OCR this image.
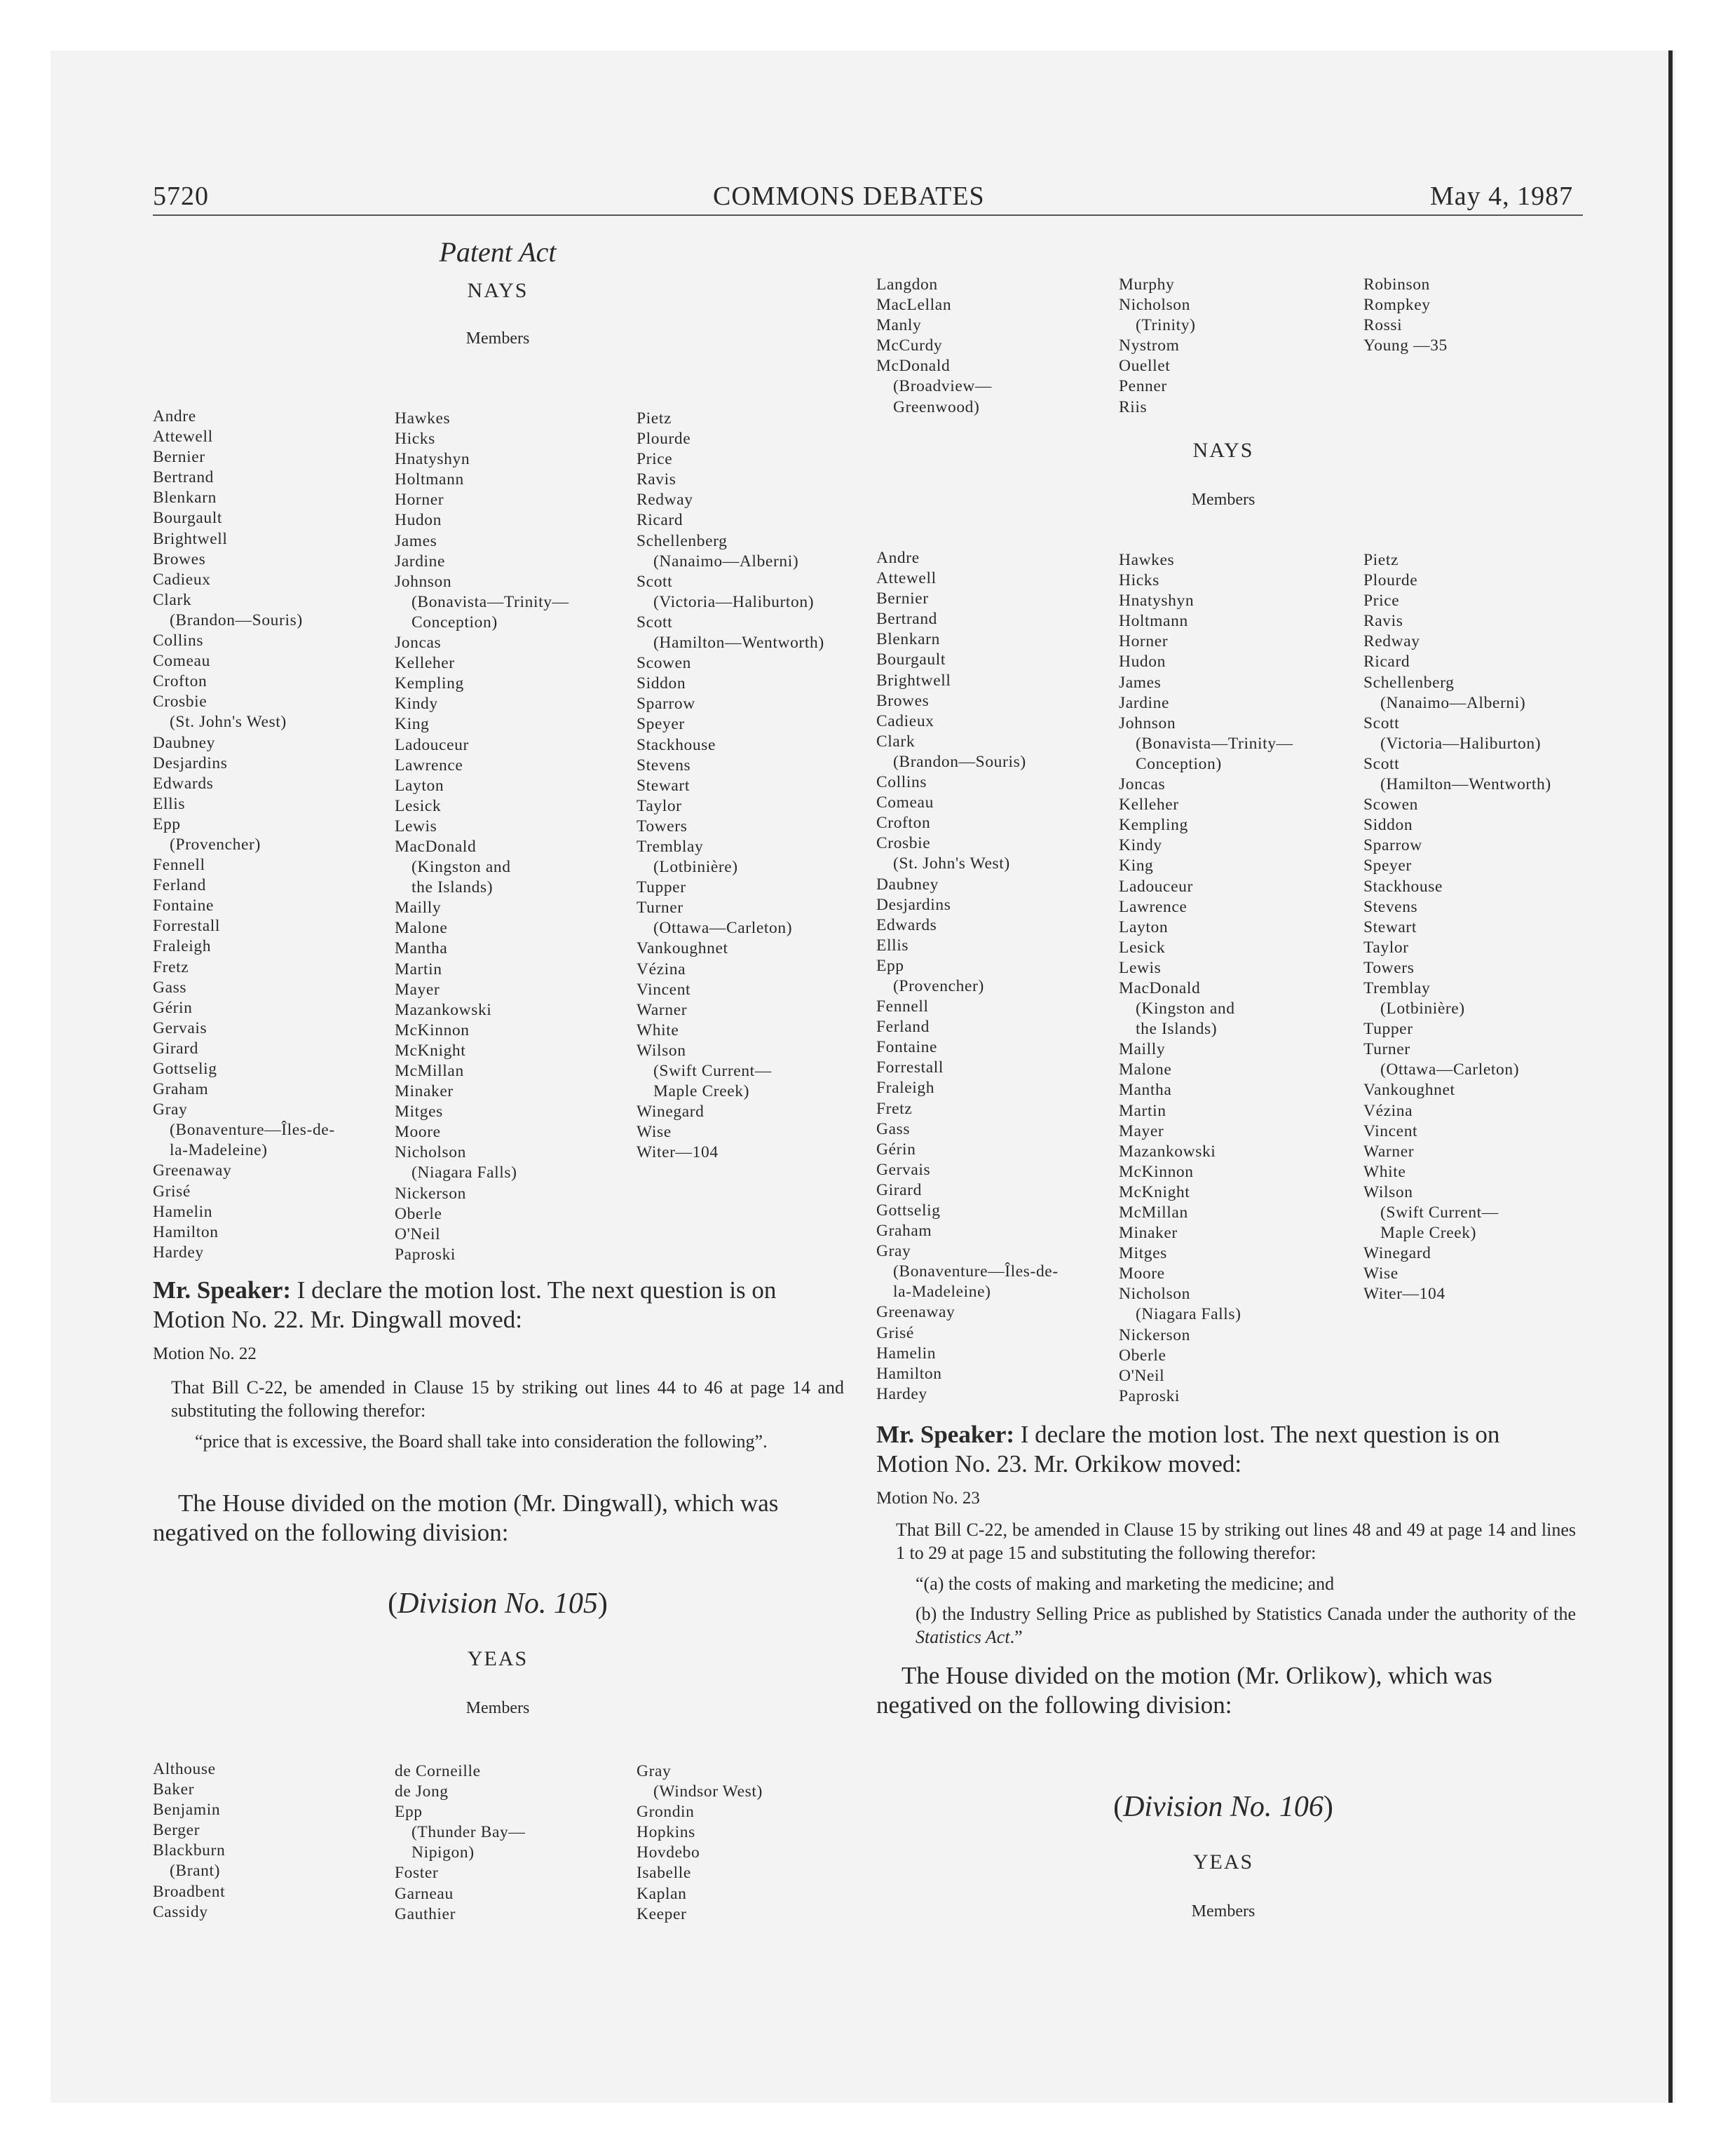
5720	COMMONS DEBATES	May 4, 1987
Patent Act
NAYS
Members
Andre
Attewell
Bernier
Bertrand
Blenkarn
Bourgault
Brightwell
Browes
Cadieux
Clark
(Brandon—Souris)
Collins
Comeau
Crofton
Crosbie
(St. John's West)
Daubney
Desjardins
Edwards
Ellis
Epp
(Provencher)
Fennell
Ferland
Fontaine
Forrestall
Fraleigh
Fretz
Gass
Gérin
Gervais
Girard
Gottselig
Graham
Gray
(Bonaventure—Îles-de-
la-Madeleine)
Greenaway
Grisé
Hamelin
Hamilton
Hardey
Hawkes
Hicks
Hnatyshyn
Holtmann
Horner
Hudon
James
Jardine
Johnson
(Bonavista—Trinity—
Conception)
Joncas
Kelleher
Kempling
Kindy
King
Ladouceur
Lawrence
Layton
Lesick
Lewis
MacDonald
(Kingston and
the Islands)
Mailly
Malone
Mantha
Martin
Mayer
Mazankowski
McKinnon
McKnight
McMillan
Minaker
Mitges
Moore
Nicholson
(Niagara Falls)
Nickerson
Oberle
O'Neil
Paproski
Pietz
Plourde
Price
Ravis
Redway
Ricard
Schellenberg
(Nanaimo—Alberni)
Scott
(Victoria—Haliburton)
Scott
(Hamilton—Wentworth)
Scowen
Siddon
Sparrow
Speyer
Stackhouse
Stevens
Stewart
Taylor
Towers
Tremblay
(Lotbinière)
Tupper
Turner
(Ottawa—Carleton)
Vankoughnet
Vézina
Vincent
Warner
White
Wilson
(Swift Current—
Maple Creek)
Winegard
Wise
Witer—104
Mr. Speaker: I declare the motion lost. The next question is on Motion No. 22. Mr. Dingwall moved:
Motion No. 22
That Bill C-22, be amended in Clause 15 by striking out lines 44 to 46 at page 14 and substituting the following therefor:
“price that is excessive, the Board shall take into consideration the following”.
The House divided on the motion (Mr. Dingwall), which was negatived on the following division:
(Division No. 105)
YEAS
Members
Althouse
Baker
Benjamin
Berger
Blackburn
(Brant)
Broadbent
Cassidy
de Corneille
de Jong
Epp
(Thunder Bay—
Nipigon)
Foster
Garneau
Gauthier
Gray
(Windsor West)
Grondin
Hopkins
Hovdebo
Isabelle
Kaplan
Keeper
Langdon
MacLellan
Manly
McCurdy
McDonald
(Broadview—
Greenwood)
Murphy
Nicholson
(Trinity)
Nystrom
Ouellet
Penner
Riis
Robinson
Rompkey
Rossi
Young —35
NAYS
Members
Andre
Attewell
Bernier
Bertrand
Blenkarn
Bourgault
Brightwell
Browes
Cadieux
Clark
(Brandon—Souris)
Collins
Comeau
Crofton
Crosbie
(St. John's West)
Daubney
Desjardins
Edwards
Ellis
Epp
(Provencher)
Fennell
Ferland
Fontaine
Forrestall
Fraleigh
Fretz
Gass
Gérin
Gervais
Girard
Gottselig
Graham
Gray
(Bonaventure—Îles-de-
la-Madeleine)
Greenaway
Grisé
Hamelin
Hamilton
Hardey
Hawkes
Hicks
Hnatyshyn
Holtmann
Horner
Hudon
James
Jardine
Johnson
(Bonavista—Trinity—
Conception)
Joncas
Kelleher
Kempling
Kindy
King
Ladouceur
Lawrence
Layton
Lesick
Lewis
MacDonald
(Kingston and
the Islands)
Mailly
Malone
Mantha
Martin
Mayer
Mazankowski
McKinnon
McKnight
McMillan
Minaker
Mitges
Moore
Nicholson
(Niagara Falls)
Nickerson
Oberle
O'Neil
Paproski
Pietz
Plourde
Price
Ravis
Redway
Ricard
Schellenberg
(Nanaimo—Alberni)
Scott
(Victoria—Haliburton)
Scott
(Hamilton—Wentworth)
Scowen
Siddon
Sparrow
Speyer
Stackhouse
Stevens
Stewart
Taylor
Towers
Tremblay
(Lotbinière)
Tupper
Turner
(Ottawa—Carleton)
Vankoughnet
Vézina
Vincent
Warner
White
Wilson
(Swift Current—
Maple Creek)
Winegard
Wise
Witer—104
Mr. Speaker: I declare the motion lost. The next question is on Motion No. 23. Mr. Orkikow moved:
Motion No. 23
That Bill C-22, be amended in Clause 15 by striking out lines 48 and 49 at page 14 and lines 1 to 29 at page 15 and substituting the following therefor:
“(a) the costs of making and marketing the medicine; and
(b) the Industry Selling Price as published by Statistics Canada under the authority of the Statistics Act.”
The House divided on the motion (Mr. Orlikow), which was negatived on the following division:
(Division No. 106)
YEAS
Members
